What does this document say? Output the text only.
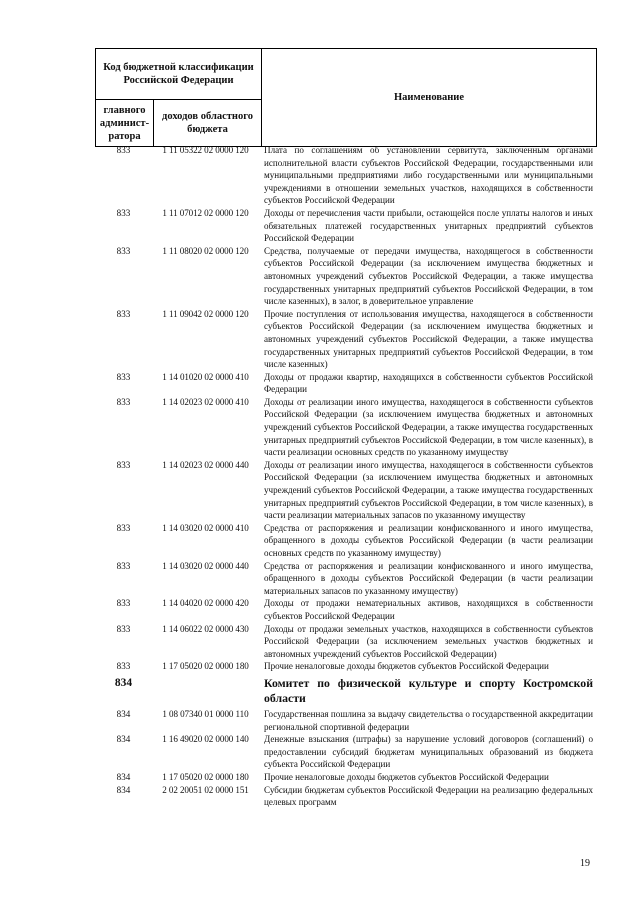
Код бюджетной классификации Российской Федерации		Наименование
главного админист-ратора	доходов областного бюджета	
833	1 11 05322 02 0000 120	Плата по соглашениям об установлении сервитута, заключенным органами исполнительной власти субъектов Российской Федерации, государственными или муниципальными предприятиями либо государственными или муниципальными учреждениями в отношении земельных участков, находящихся в собственности субъектов Российской Федерации
833	1 11 07012 02 0000 120	Доходы от перечисления части прибыли, остающейся после уплаты налогов и иных обязательных платежей государственных унитарных предприятий субъектов Российской Федерации
833	1 11 08020 02 0000 120	Средства, получаемые от передачи имущества, находящегося в собственности субъектов Российской Федерации (за исключением имущества бюджетных и автономных учреждений субъектов Российской Федерации, а также имущества государственных унитарных предприятий субъектов Российской Федерации, в том числе казенных), в залог, в доверительное управление
833	1 11 09042 02 0000 120	Прочие поступления от использования имущества, находящегося в собственности субъектов Российской Федерации (за исключением имущества бюджетных и автономных учреждений субъектов Российской Федерации, а также имущества государственных унитарных предприятий субъектов Российской Федерации, в том числе казенных)
833	1 14 01020 02 0000 410	Доходы от продажи квартир, находящихся в собственности субъектов Российской Федерации
833	1 14 02023 02 0000 410	Доходы от реализации иного имущества, находящегося в собственности субъектов Российской Федерации (за исключением имущества бюджетных и автономных учреждений субъектов Российской Федерации, а также имущества государственных унитарных предприятий субъектов Российской Федерации, в том числе казенных), в части реализации основных средств по указанному имуществу
833	1 14 02023 02 0000 440	Доходы от реализации иного имущества, находящегося в собственности субъектов Российской Федерации (за исключением имущества бюджетных и автономных учреждений субъектов Российской Федерации, а также имущества государственных унитарных предприятий субъектов Российской Федерации, в том числе казенных), в части реализации материальных запасов по указанному имуществу
833	1 14 03020 02 0000 410	Средства от распоряжения и реализации конфискованного и иного имущества, обращенного в доходы субъектов Российской Федерации (в части реализации основных средств по указанному имуществу)
833	1 14 03020 02 0000 440	Средства от распоряжения и реализации конфискованного и иного имущества, обращенного в доходы субъектов Российской Федерации (в части реализации материальных запасов по указанному имуществу)
833	1 14 04020 02 0000 420	Доходы от продажи нематериальных активов, находящихся в собственности субъектов Российской Федерации
833	1 14 06022 02 0000 430	Доходы от продажи земельных участков, находящихся в собственности субъектов Российской Федерации (за исключением земельных участков бюджетных и автономных учреждений субъектов Российской Федерации)
833	1 17 05020 02 0000 180	Прочие неналоговые доходы бюджетов субъектов Российской Федерации
834	Комитет по физической культуре и спорту Костромской области
834	1 08 07340 01 0000 110	Государственная пошлина за выдачу свидетельства о государственной аккредитации региональной спортивной федерации
834	1 16 49020 02 0000 140	Денежные взыскания (штрафы) за нарушение условий договоров (соглашений) о предоставлении субсидий бюджетам муниципальных образований из бюджета субъекта Российской Федерации
834	1 17 05020 02 0000 180	Прочие неналоговые доходы бюджетов субъектов Российской Федерации
834	2 02 20051 02 0000 151	Субсидии бюджетам субъектов Российской Федерации на реализацию федеральных целевых программ
19
